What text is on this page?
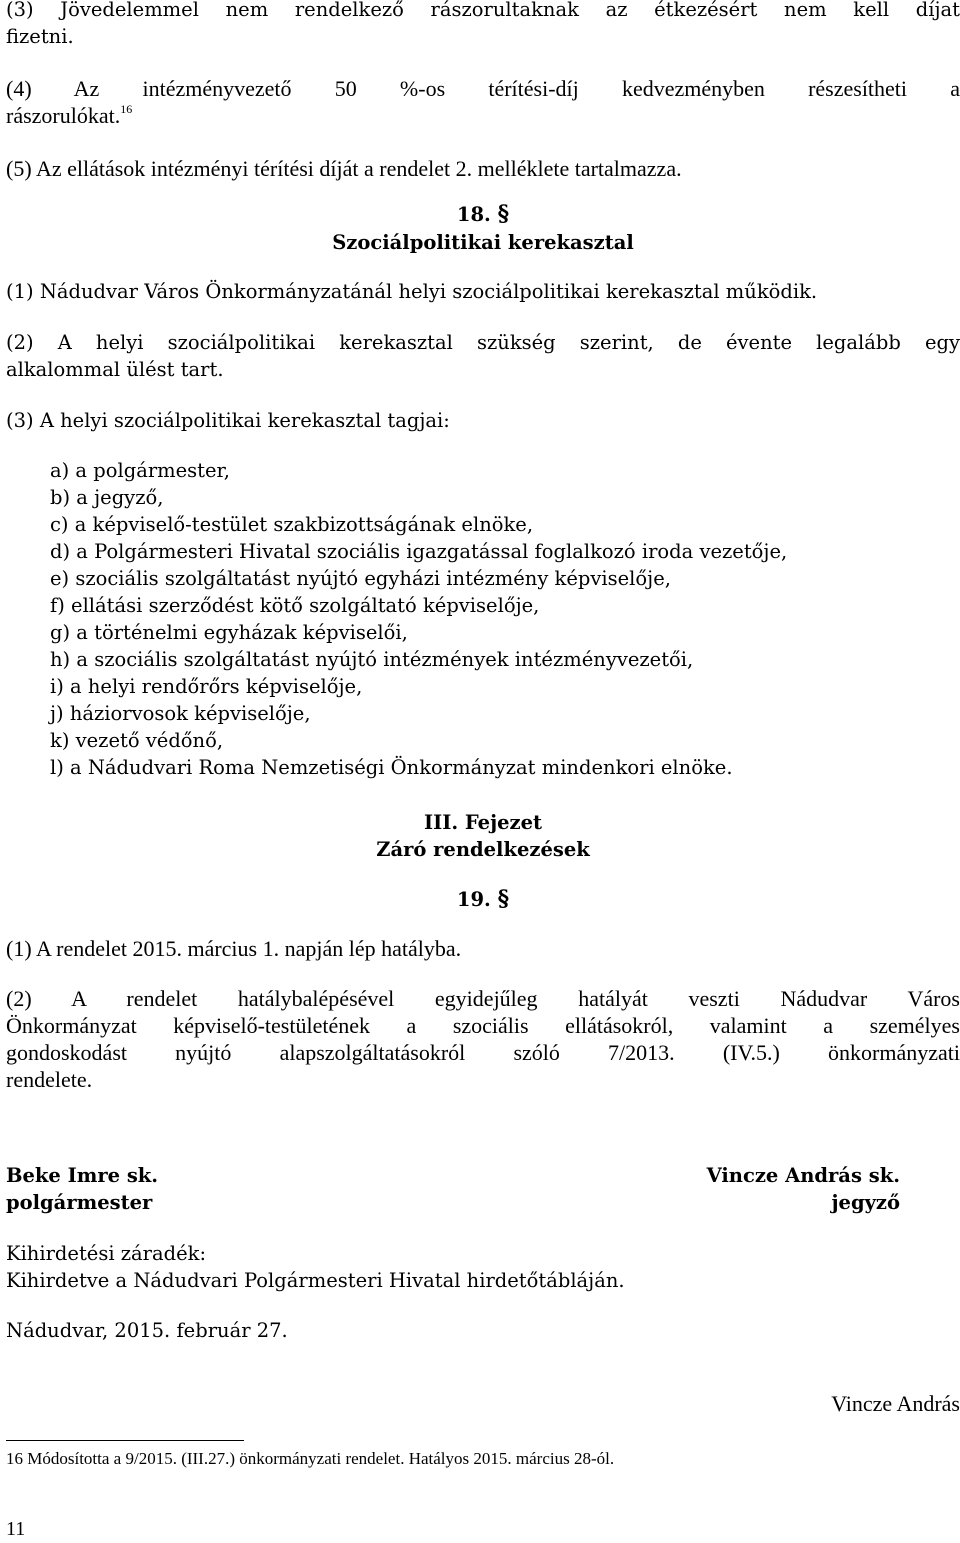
(3) Jövedelemmel nem rendelkező rászorultaknak az étkezésért nem kell díjat
fizetni.
(4) Az intézményvezető 50 %-os térítési-díj kedvezményben részesítheti a
rászorulókat.$^{16}$
(5) Az ellátások intézményi térítési díját a rendelet 2. melléklete tartalmazza.
18. §
Szociálpolitikai kerekasztal
(1) Nádudvar Város Önkormányzatánál helyi szociálpolitikai kerekasztal működik.
(2) A helyi szociálpolitikai kerekasztal szükség szerint, de évente legalább egy
alkalommal ülést tart.
(3) A helyi szociálpolitikai kerekasztal tagjai:
a) a polgármester,
b) a jegyző,
c) a képviselő-testület szakbizottságának elnöke,
d) a Polgármesteri Hivatal szociális igazgatással foglalkozó iroda vezetője,
e) szociális szolgáltatást nyújtó egyházi intézmény képviselője,
f) ellátási szerződést kötő szolgáltató képviselője,
g) a történelmi egyházak képviselői,
h) a szociális szolgáltatást nyújtó intézmények intézményvezetői,
i) a helyi rendőrőrs képviselője,
j) háziorvosok képviselője,
k) vezető védőnő,
l) a Nádudvari Roma Nemzetiségi Önkormányzat mindenkori elnöke.
III. Fejezet
Záró rendelkezések
19. §
(1) A rendelet 2015. március 1. napján lép hatályba.
(2) A rendelet hatálybalépésével egyidejűleg hatályát veszti Nádudvar Város
Önkormányzat képviselő-testületének a szociális ellátásokról, valamint a személyes
gondoskodást nyújtó alapszolgáltatásokról szóló 7/2013. (IV.5.) önkormányzati
rendelete.
Beke Imre sk.
polgármester
Vincze András sk.
jegyző
Kihirdetési záradék:
Kihirdetve a Nádudvari Polgármesteri Hivatal hirdetőtábláján.
Nádudvar, 2015. február 27.
Vincze András
16 Módosította a 9/2015. (III.27.) önkormányzati rendelet. Hatályos 2015. március 28-ól.
11
